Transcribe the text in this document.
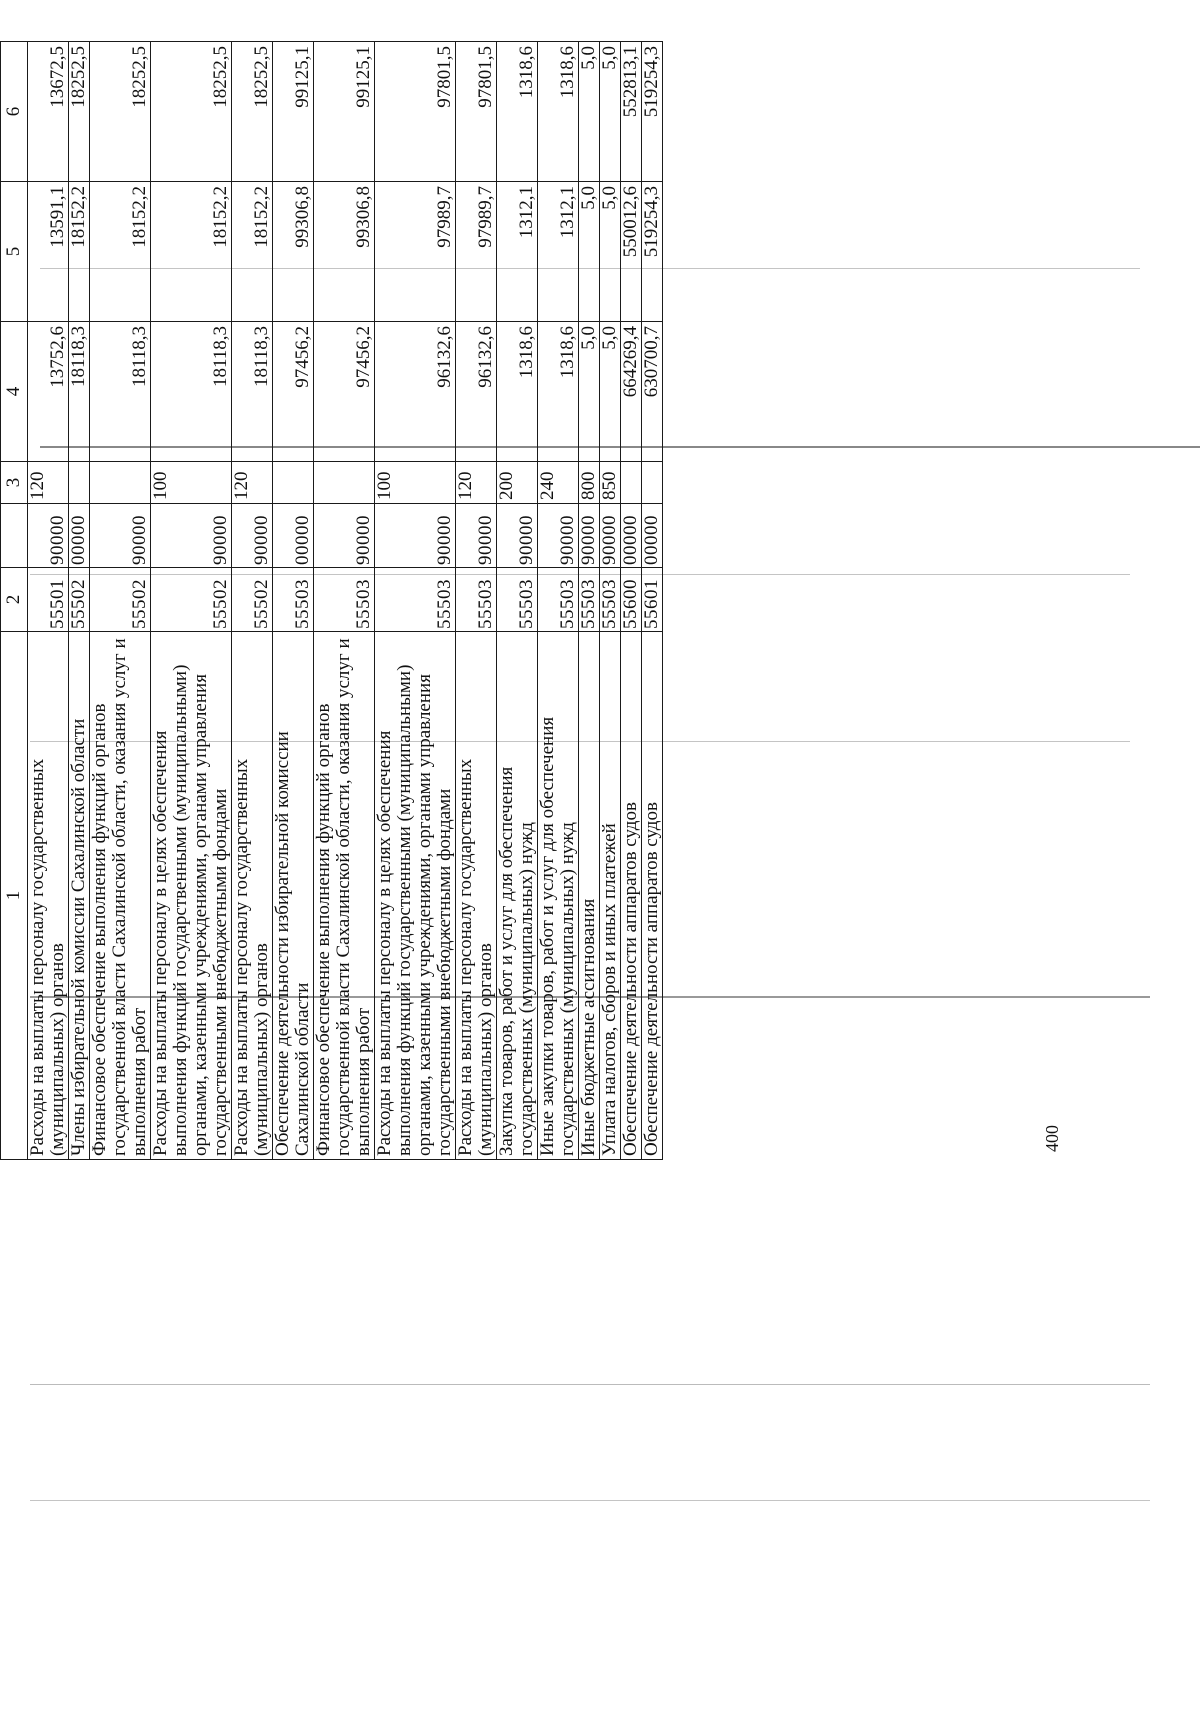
1	2		3	4	5	6
Расходы на выплаты персоналу государственных (муниципальных) органов	55501	90000	120	13752,6	13591,1	13672,5
Члены избирательной комиссии Сахалинской области	55502	00000		18118,3	18152,2	18252,5
Финансовое обеспечение выполнения функций органов государственной власти Сахалинской области, оказания услуг и выполнения работ	55502	90000		18118,3	18152,2	18252,5
Расходы на выплаты персоналу в целях обеспечения выполнения функций государственными (муниципальными) органами, казенными учреждениями, органами управления государственными внебюджетными фондами	55502	90000	100	18118,3	18152,2	18252,5
Расходы на выплаты персоналу государственных (муниципальных) органов	55502	90000	120	18118,3	18152,2	18252,5
Обеспечение деятельности избирательной комиссии Сахалинской области	55503	00000		97456,2	99306,8	99125,1
Финансовое обеспечение выполнения функций органов государственной власти Сахалинской области, оказания услуг и выполнения работ	55503	90000		97456,2	99306,8	99125,1
Расходы на выплаты персоналу в целях обеспечения выполнения функций государственными (муниципальными) органами, казенными учреждениями, органами управления государственными внебюджетными фондами	55503	90000	100	96132,6	97989,7	97801,5
Расходы на выплаты персоналу государственных (муниципальных) органов	55503	90000	120	96132,6	97989,7	97801,5
Закупка товаров, работ и услуг для обеспечения государственных (муниципальных) нужд	55503	90000	200	1318,6	1312,1	1318,6
Иные закупки товаров, работ и услуг для обеспечения государственных (муниципальных) нужд	55503	90000	240	1318,6	1312,1	1318,6
Иные бюджетные ассигнования	55503	90000	800	5,0	5,0	5,0
Уплата налогов, сборов и иных платежей	55503	90000	850	5,0	5,0	5,0
Обеспечение деятельности аппаратов судов	55600	00000		664269,4	550012,6	552813,1
Обеспечение деятельности аппаратов судов	55601	00000		630700,7	519254,3	519254,3
400
